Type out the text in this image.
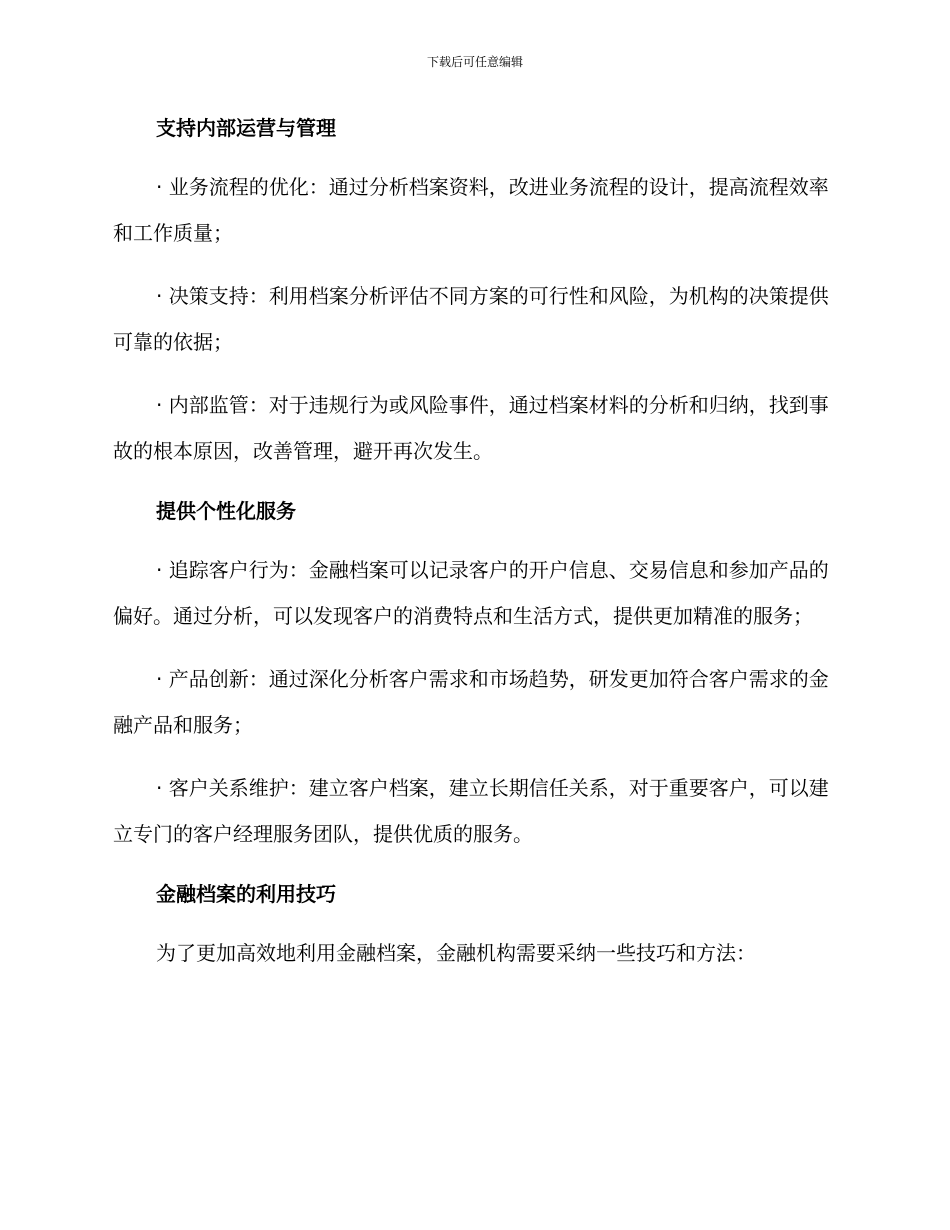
下载后可任意编辑
支持内部运营与管理

· 业务流程的优化：通过分析档案资料，改进业务流程的设计，提高流程效率和工作质量；

· 决策支持：利用档案分析评估不同方案的可行性和风险，为机构的决策提供可靠的依据；

· 内部监管：对于违规行为或风险事件，通过档案材料的分析和归纳，找到事故的根本原因，改善管理，避开再次发生。

提供个性化服务

· 追踪客户行为：金融档案可以记录客户的开户信息、交易信息和参加产品的偏好。通过分析，可以发现客户的消费特点和生活方式，提供更加精准的服务；

· 产品创新：通过深化分析客户需求和市场趋势，研发更加符合客户需求的金融产品和服务；

· 客户关系维护：建立客户档案，建立长期信任关系，对于重要客户，可以建立专门的客户经理服务团队，提供优质的服务。

金融档案的利用技巧

为了更加高效地利用金融档案，金融机构需要采纳一些技巧和方法：
